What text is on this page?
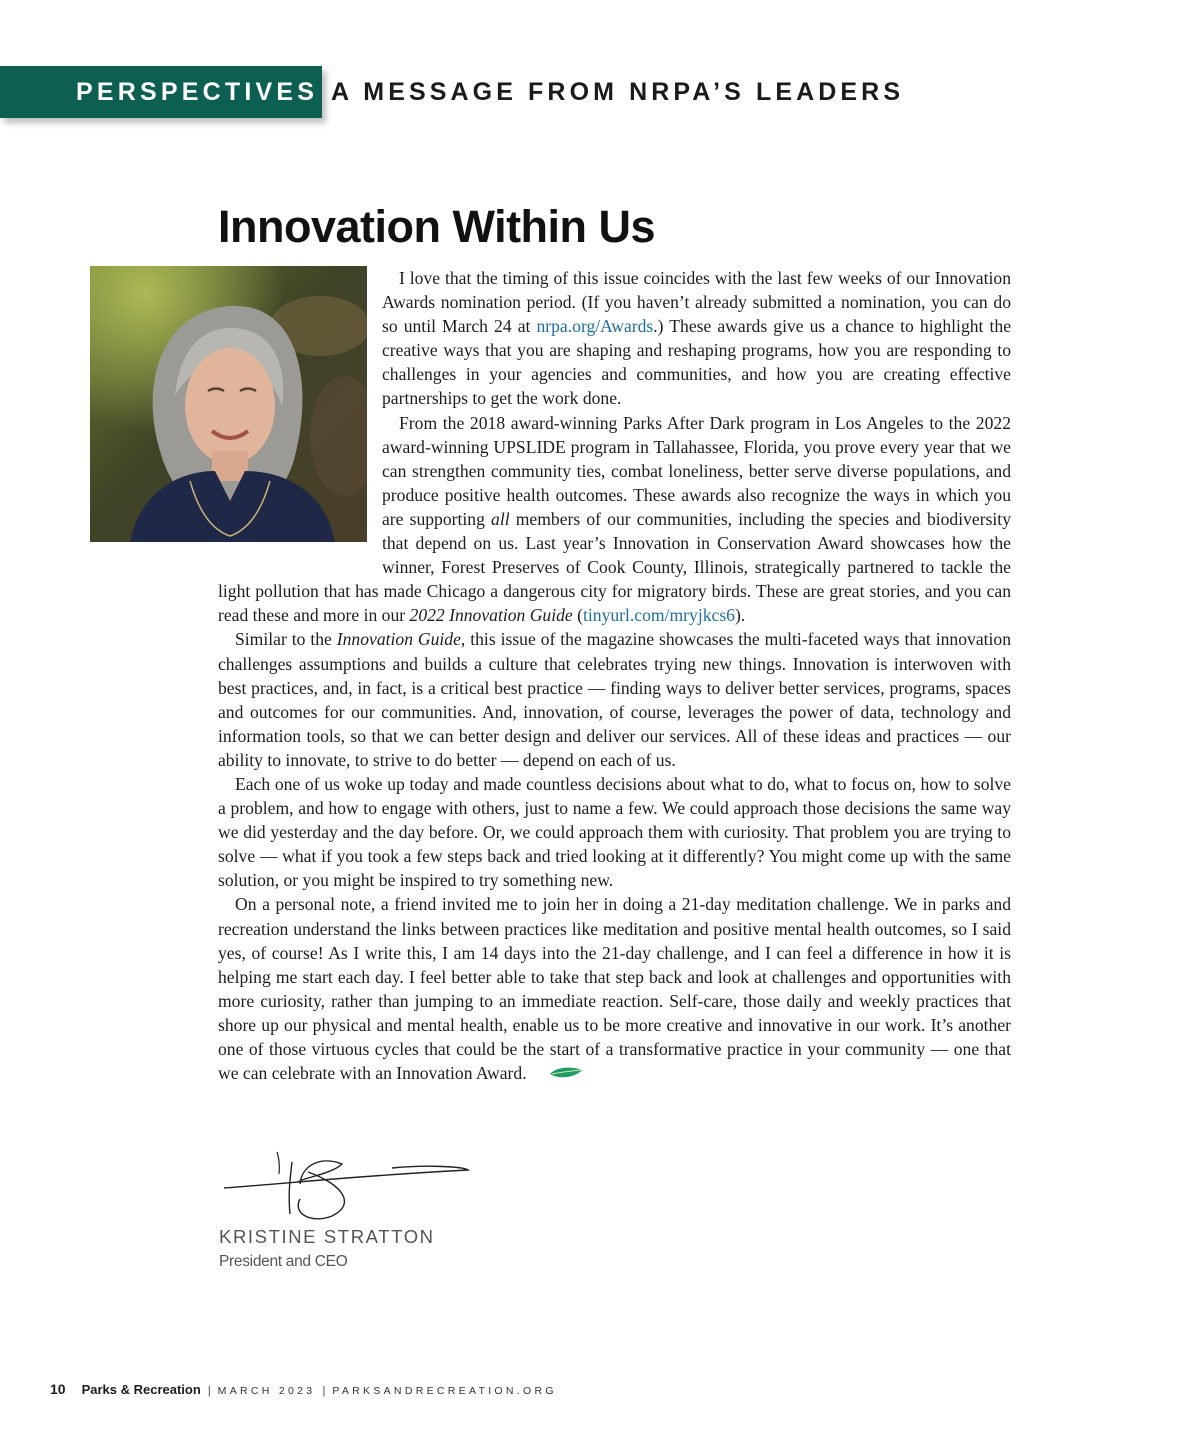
PERSPECTIVES A MESSAGE FROM NRPA’S LEADERS
Innovation Within Us

I love that the timing of this issue coincides with the last few weeks of our Innovation Awards nomination period. (If you haven’t already submitted a nomination, you can do so until March 24 at nrpa.org/Awards.) These awards give us a chance to highlight the creative ways that you are shaping and reshaping programs, how you are responding to challenges in your agencies and communities, and how you are creating effective partnerships to get the work done.

From the 2018 award-winning Parks After Dark program in Los Angeles to the 2022 award-winning UPSLIDE program in Tallahassee, Florida, you prove every year that we can strengthen community ties, combat loneliness, better serve diverse populations, and produce positive health outcomes. These awards also recognize the ways in which you are supporting all members of our communities, including the species and biodiversity that depend on us. Last year’s Innovation in Conservation Award showcases how the winner, Forest Preserves of Cook County, Illinois, strategically partnered to tackle the light pollution that has made Chicago a dangerous city for migratory birds. These are great stories, and you can read these and more in our 2022 Innovation Guide (tinyurl.com/mryjkcs6).

Similar to the Innovation Guide, this issue of the magazine showcases the multi-faceted ways that innovation challenges assumptions and builds a culture that celebrates trying new things. Innovation is interwoven with best practices, and, in fact, is a critical best practice — finding ways to deliver better services, programs, spaces and outcomes for our communities. And, innovation, of course, leverages the power of data, technology and information tools, so that we can better design and deliver our services. All of these ideas and practices — our ability to innovate, to strive to do better — depend on each of us.

Each one of us woke up today and made countless decisions about what to do, what to focus on, how to solve a problem, and how to engage with others, just to name a few. We could approach those decisions the same way we did yesterday and the day before. Or, we could approach them with curiosity. That problem you are trying to solve — what if you took a few steps back and tried looking at it differently? You might come up with the same solution, or you might be inspired to try something new.

On a personal note, a friend invited me to join her in doing a 21-day meditation challenge. We in parks and recreation understand the links between practices like meditation and positive mental health outcomes, so I said yes, of course! As I write this, I am 14 days into the 21-day challenge, and I can feel a difference in how it is helping me start each day. I feel better able to take that step back and look at challenges and opportunities with more curiosity, rather than jumping to an immediate reaction. Self-care, those daily and weekly practices that shore up our physical and mental health, enable us to be more creative and innovative in our work. It’s another one of those virtuous cycles that could be the start of a transformative practice in your community — one that we can celebrate with an Innovation Award.

KRISTINE STRATTON

President and CEO

10 Parks & Recreation | MARCH 2023 | PARKSANDRECREATION.ORG
